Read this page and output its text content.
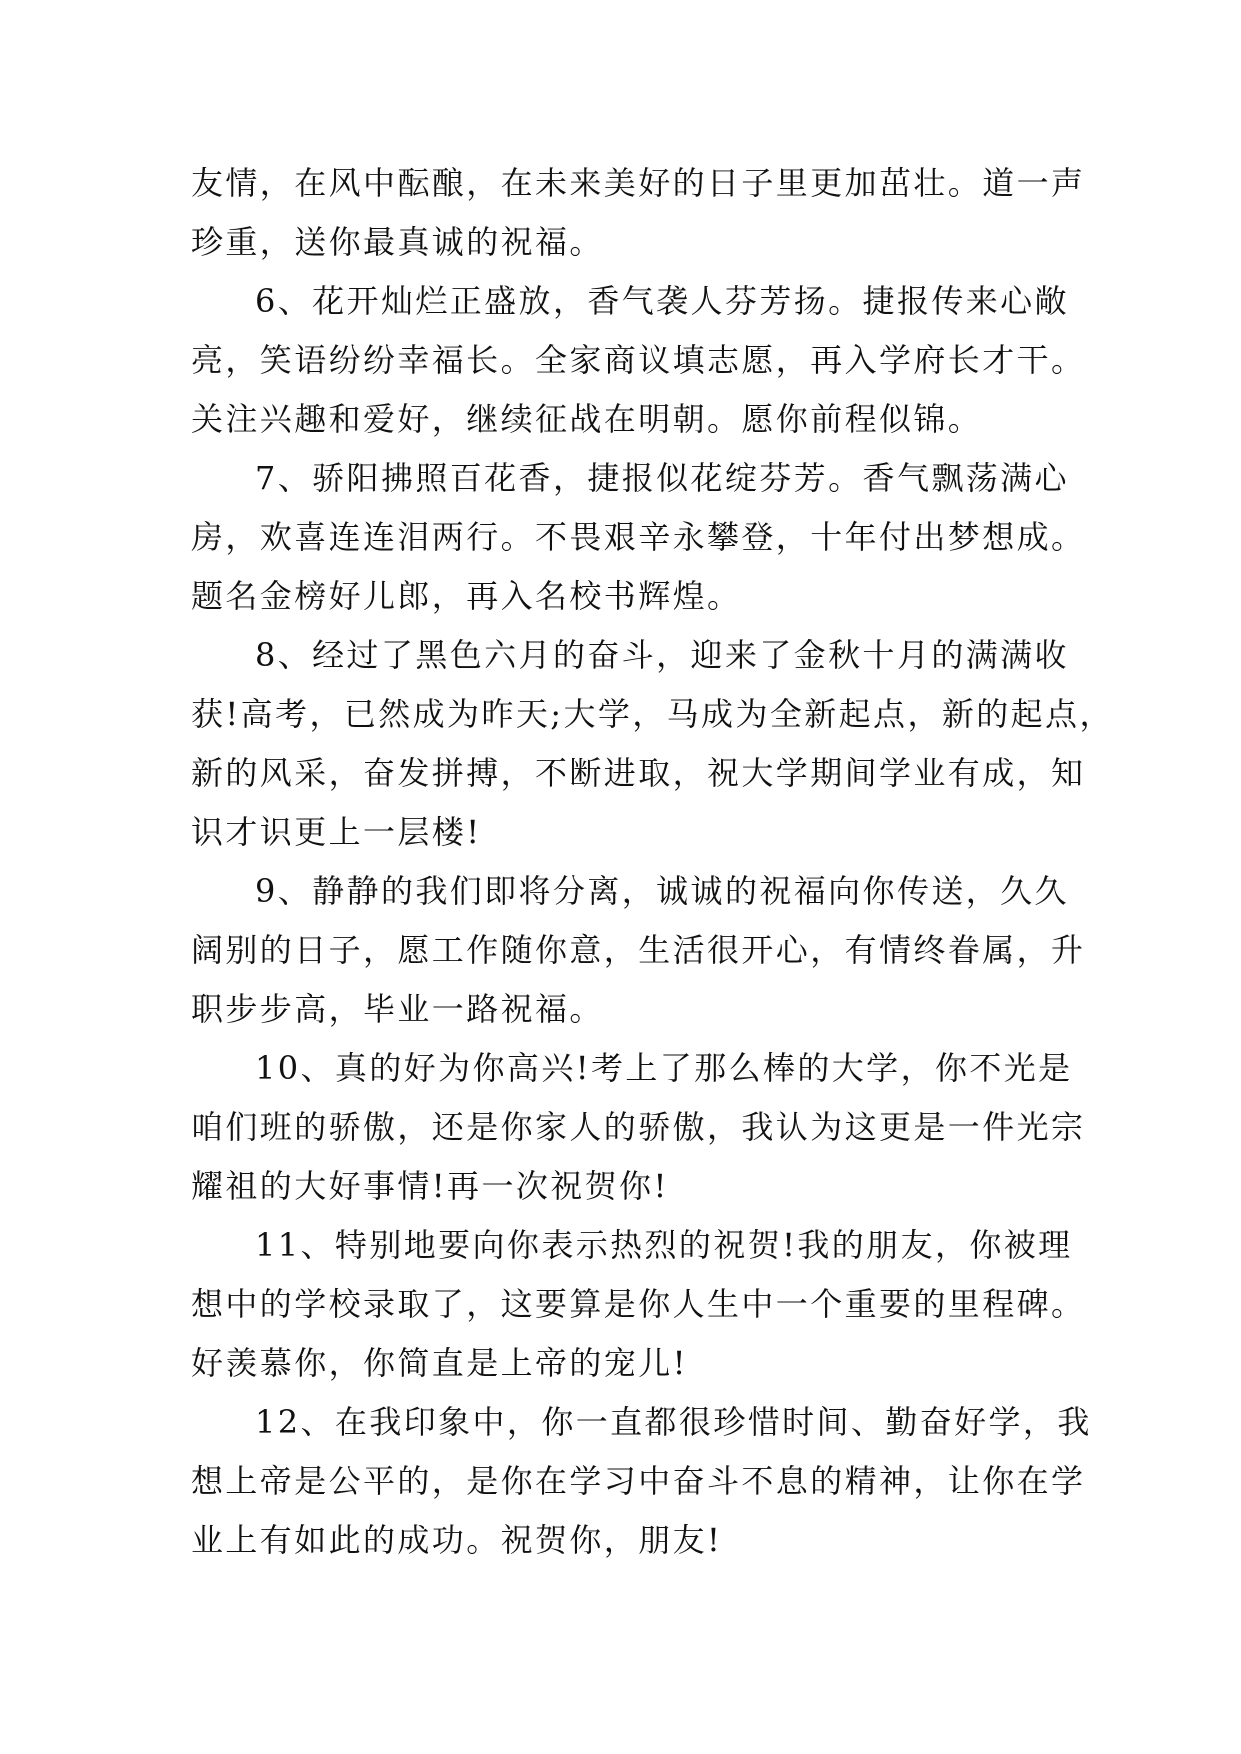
友情，在风中酝酿，在未来美好的日子里更加茁壮。道一声
珍重，送你最真诚的祝福。
6、花开灿烂正盛放，香气袭人芬芳扬。捷报传来心敞
亮，笑语纷纷幸福长。全家商议填志愿，再入学府长才干。
关注兴趣和爱好，继续征战在明朝。愿你前程似锦。
7、骄阳拂照百花香，捷报似花绽芬芳。香气飘荡满心
房，欢喜连连泪两行。不畏艰辛永攀登，十年付出梦想成。
题名金榜好儿郎，再入名校书辉煌。
8、经过了黑色六月的奋斗，迎来了金秋十月的满满收
获!高考，已然成为昨天;大学，马成为全新起点，新的起点，
新的风采，奋发拼搏，不断进取，祝大学期间学业有成，知
识才识更上一层楼!
9、静静的我们即将分离，诚诚的祝福向你传送，久久
阔别的日子，愿工作随你意，生活很开心，有情终眷属，升
职步步高，毕业一路祝福。
10、真的好为你高兴!考上了那么棒的大学，你不光是
咱们班的骄傲，还是你家人的骄傲，我认为这更是一件光宗
耀祖的大好事情!再一次祝贺你!
11、特别地要向你表示热烈的祝贺!我的朋友，你被理
想中的学校录取了，这要算是你人生中一个重要的里程碑。
好羡慕你，你简直是上帝的宠儿!
12、在我印象中，你一直都很珍惜时间、勤奋好学，我
想上帝是公平的，是你在学习中奋斗不息的精神，让你在学
业上有如此的成功。祝贺你，朋友!
